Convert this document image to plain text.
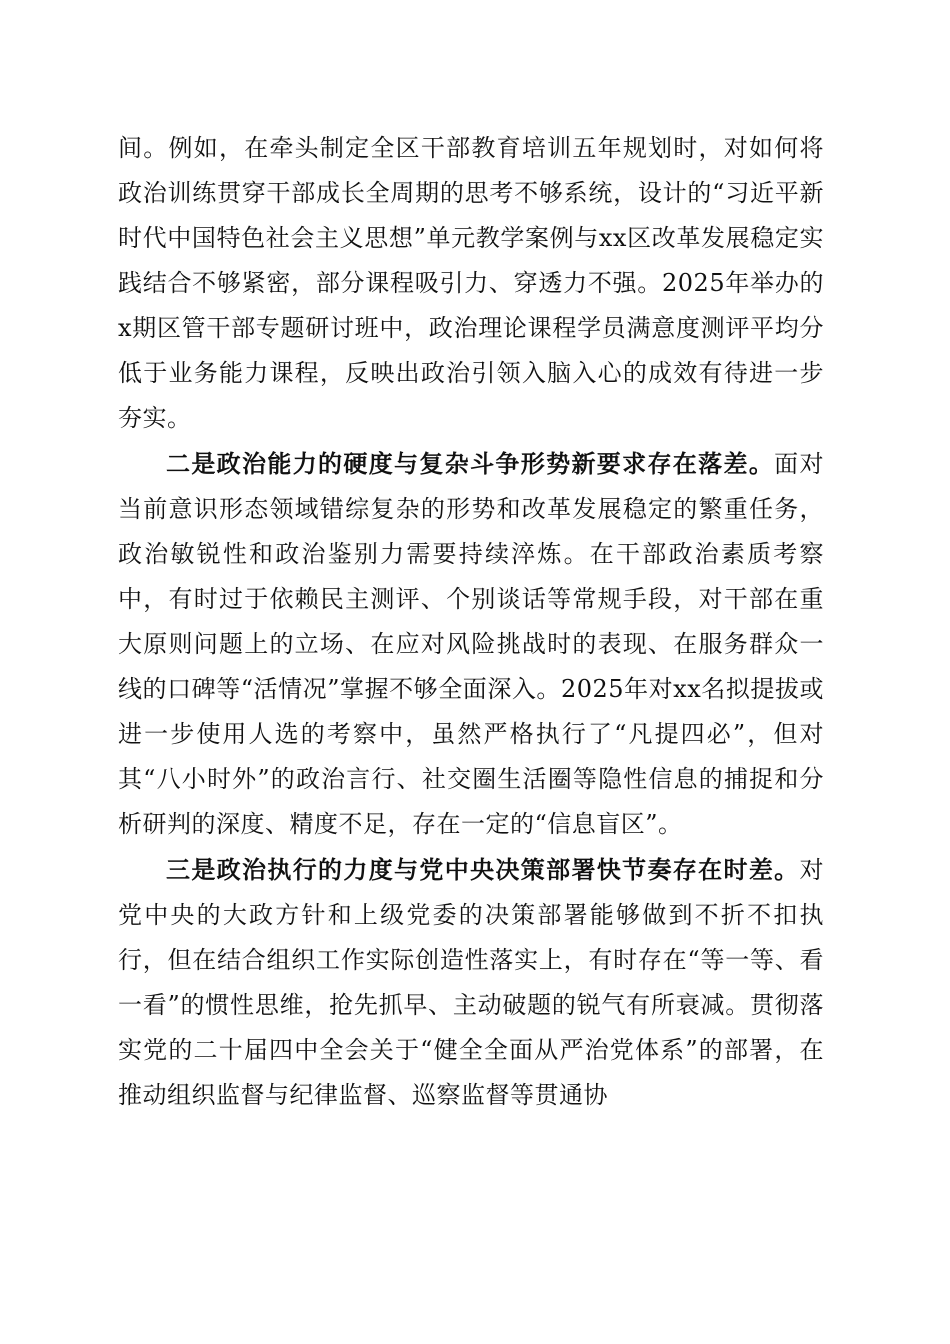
间。例如，在牵头制定全区干部教育培训五年规划时，对如何将政治训练贯穿干部成长全周期的思考不够系统，设计的“习近平新时代中国特色社会主义思想”单元教学案例与xx区改革发展稳定实践结合不够紧密，部分课程吸引力、穿透力不强。2025年举办的x期区管干部专题研讨班中，政治理论课程学员满意度测评平均分低于业务能力课程，反映出政治引领入脑入心的成效有待进一步夯实。

二是政治能力的硬度与复杂斗争形势新要求存在落差。面对当前意识形态领域错综复杂的形势和改革发展稳定的繁重任务，政治敏锐性和政治鉴别力需要持续淬炼。在干部政治素质考察中，有时过于依赖民主测评、个别谈话等常规手段，对干部在重大原则问题上的立场、在应对风险挑战时的表现、在服务群众一线的口碑等“活情况”掌握不够全面深入。2025年对xx名拟提拔或进一步使用人选的考察中，虽然严格执行了“凡提四必”，但对其“八小时外”的政治言行、社交圈生活圈等隐性信息的捕捉和分析研判的深度、精度不足，存在一定的“信息盲区”。

三是政治执行的力度与党中央决策部署快节奏存在时差。对党中央的大政方针和上级党委的决策部署能够做到不折不扣执行，但在结合组织工作实际创造性落实上，有时存在“等一等、看一看”的惯性思维，抢先抓早、主动破题的锐气有所衰减。贯彻落实党的二十届四中全会关于“健全全面从严治党体系”的部署，在推动组织监督与纪律监督、巡察监督等贯通协
